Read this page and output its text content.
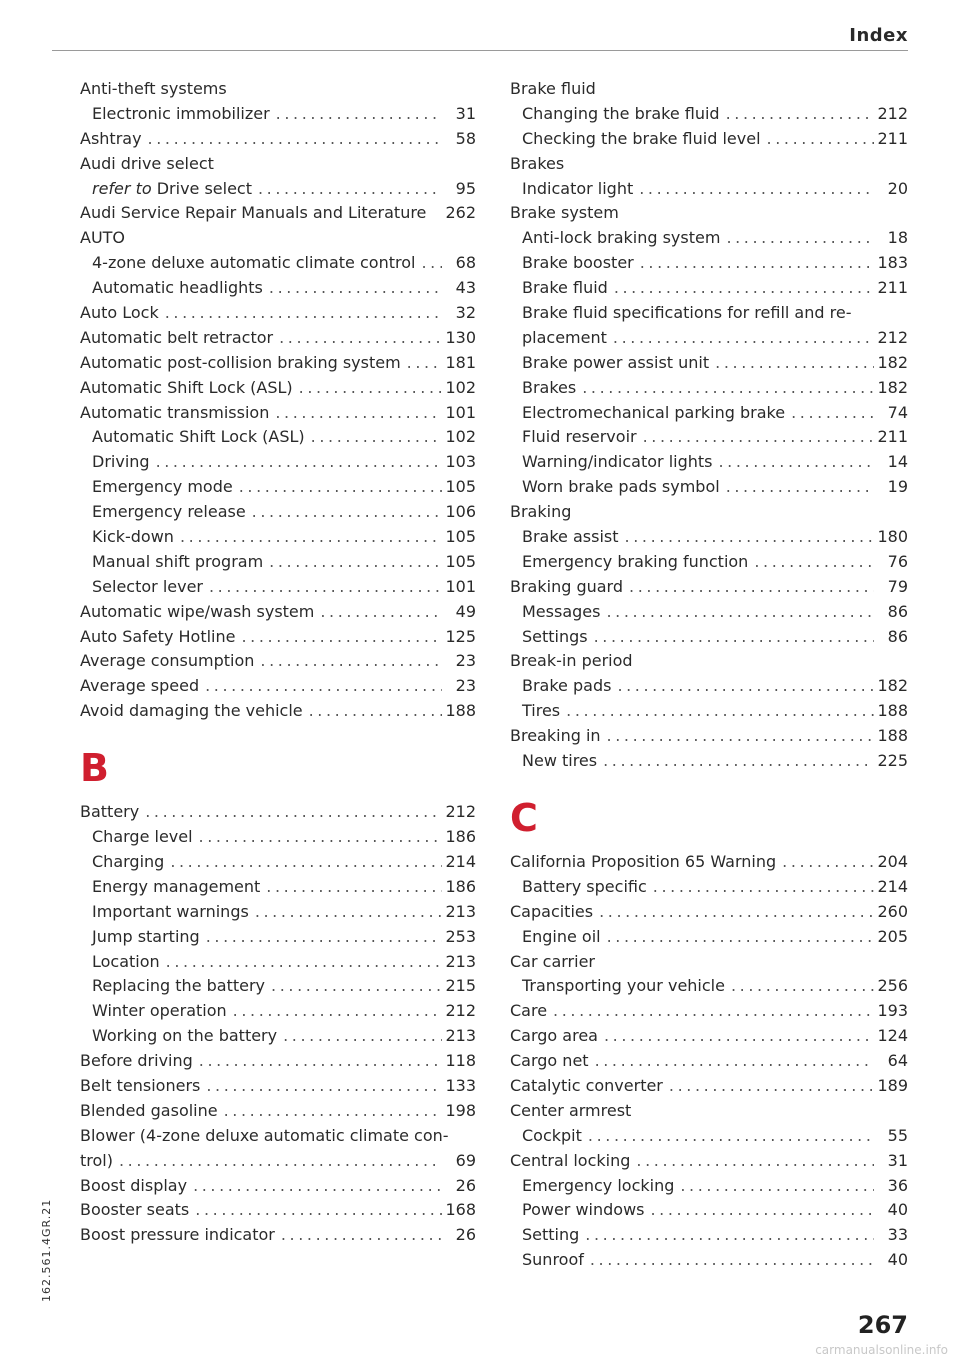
Index
Anti-theft systems
Electronic immobilizer .....	31
Ashtray .....	58
Audi drive select
refer to Drive select .....	95
Audi Service Repair Manuals and Literature 262
AUTO
4-zone deluxe automatic climate control .....	68
Automatic headlights .....	43
Auto Lock .....	32
Automatic belt retractor .....	130
Automatic post-collision braking system .....	181
Automatic Shift Lock (ASL) .....	102
Automatic transmission .....	101
Automatic Shift Lock (ASL) .....	102
Driving .....	103
Emergency mode .....	105
Emergency release .....	106
Kick-down .....	105
Manual shift program .....	105
Selector lever .....	101
Automatic wipe/wash system .....	49
Auto Safety Hotline .....	125
Average consumption .....	23
Average speed .....	23
Avoid damaging the vehicle .....	188
B
Battery .....	212
Charge level .....	186
Charging .....	214
Energy management .....	186
Important warnings .....	213
Jump starting .....	253
Location .....	213
Replacing the battery .....	215
Winter operation .....	212
Working on the battery .....	213
Before driving .....	118
Belt tensioners .....	133
Blended gasoline .....	198
Blower (4-zone deluxe automatic climate con-
trol) .....	69
Boost display .....	26
Booster seats .....	168
Boost pressure indicator .....	26
Brake fluid
Changing the brake fluid .....	212
Checking the brake fluid level .....	211
Brakes
Indicator light .....	20
Brake system
Anti-lock braking system .....	18
Brake booster .....	183
Brake fluid .....	211
Brake fluid specifications for refill and re-
placement .....	212
Brake power assist unit .....	182
Brakes .....	182
Electromechanical parking brake .....	74
Fluid reservoir .....	211
Warning/indicator lights .....	14
Worn brake pads symbol .....	19
Braking
Brake assist .....	180
Emergency braking function .....	76
Braking guard .....	79
Messages .....	86
Settings .....	86
Break-in period
Brake pads .....	182
Tires .....	188
Breaking in .....	188
New tires .....	225
C
California Proposition 65 Warning .....	204
Battery specific .....	214
Capacities .....	260
Engine oil .....	205
Car carrier
Transporting your vehicle .....	256
Care .....	193
Cargo area .....	124
Cargo net .....	64
Catalytic converter .....	189
Center armrest
Cockpit .....	55
Central locking .....	31
Emergency locking .....	36
Power windows .....	40
Setting .....	33
Sunroof .....	40
162.561.4GR.21
267
carmanualsonline.info
